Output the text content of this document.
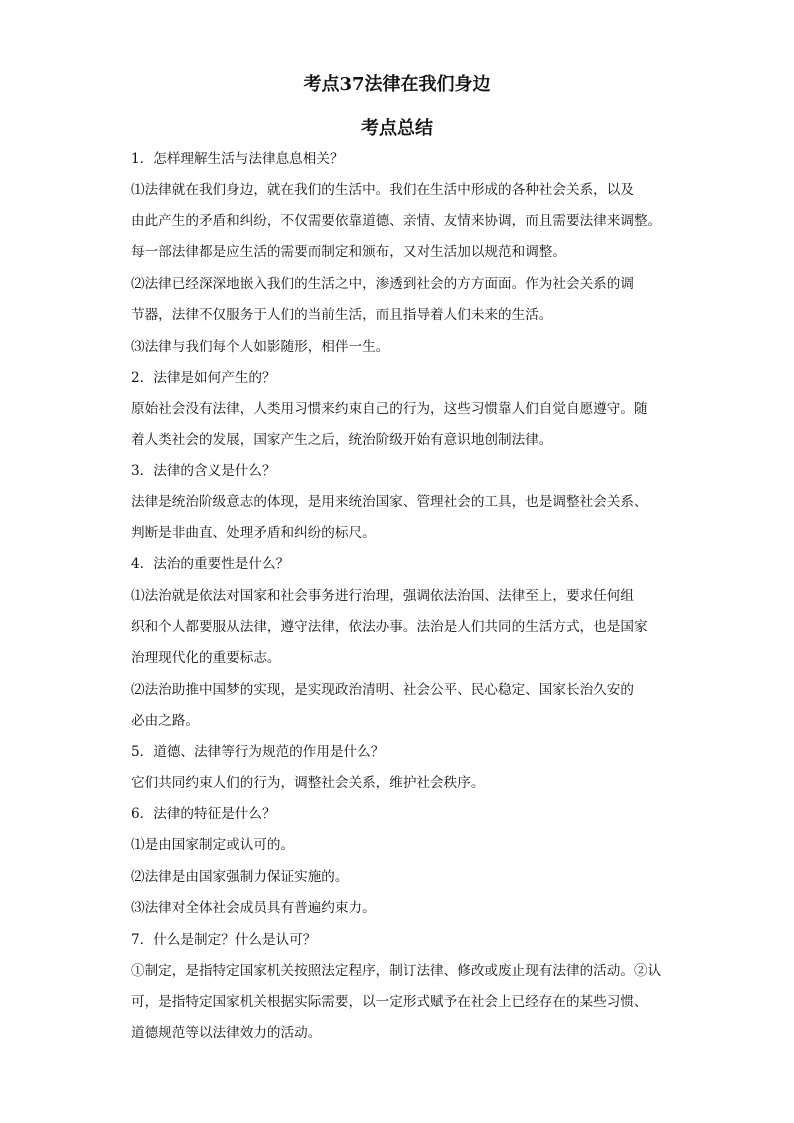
考点37法律在我们身边
考点总结
1．怎样理解生活与法律息息相关？
⑴法律就在我们身边，就在我们的生活中。我们在生活中形成的各种社会关系，以及
由此产生的矛盾和纠纷，不仅需要依靠道德、亲情、友情来协调，而且需要法律来调整。
每一部法律都是应生活的需要而制定和颁布，又对生活加以规范和调整。
⑵法律已经深深地嵌入我们的生活之中，渗透到社会的方方面面。作为社会关系的调
节器，法律不仅服务于人们的当前生活，而且指导着人们未来的生活。
⑶法律与我们每个人如影随形，相伴一生。
2．法律是如何产生的？
原始社会没有法律，人类用习惯来约束自己的行为，这些习惯靠人们自觉自愿遵守。随
着人类社会的发展，国家产生之后，统治阶级开始有意识地创制法律。
3．法律的含义是什么？
法律是统治阶级意志的体现，是用来统治国家、管理社会的工具，也是调整社会关系、
判断是非曲直、处理矛盾和纠纷的标尺。
4．法治的重要性是什么？
⑴法治就是依法对国家和社会事务进行治理，强调依法治国、法律至上，要求任何组
织和个人都要服从法律，遵守法律，依法办事。法治是人们共同的生活方式，也是国家
治理现代化的重要标志。
⑵法治助推中国梦的实现，是实现政治清明、社会公平、民心稳定、国家长治久安的
必由之路。
5．道德、法律等行为规范的作用是什么？
它们共同约束人们的行为，调整社会关系，维护社会秩序。
6．法律的特征是什么？
⑴是由国家制定或认可的。
⑵法律是由国家强制力保证实施的。
⑶法律对全体社会成员具有普遍约束力。
7．什么是制定？什么是认可？
①制定，是指特定国家机关按照法定程序，制订法律、修改或废止现有法律的活动。②认
可，是指特定国家机关根据实际需要，以一定形式赋予在社会上已经存在的某些习惯、
道德规范等以法律效力的活动。
